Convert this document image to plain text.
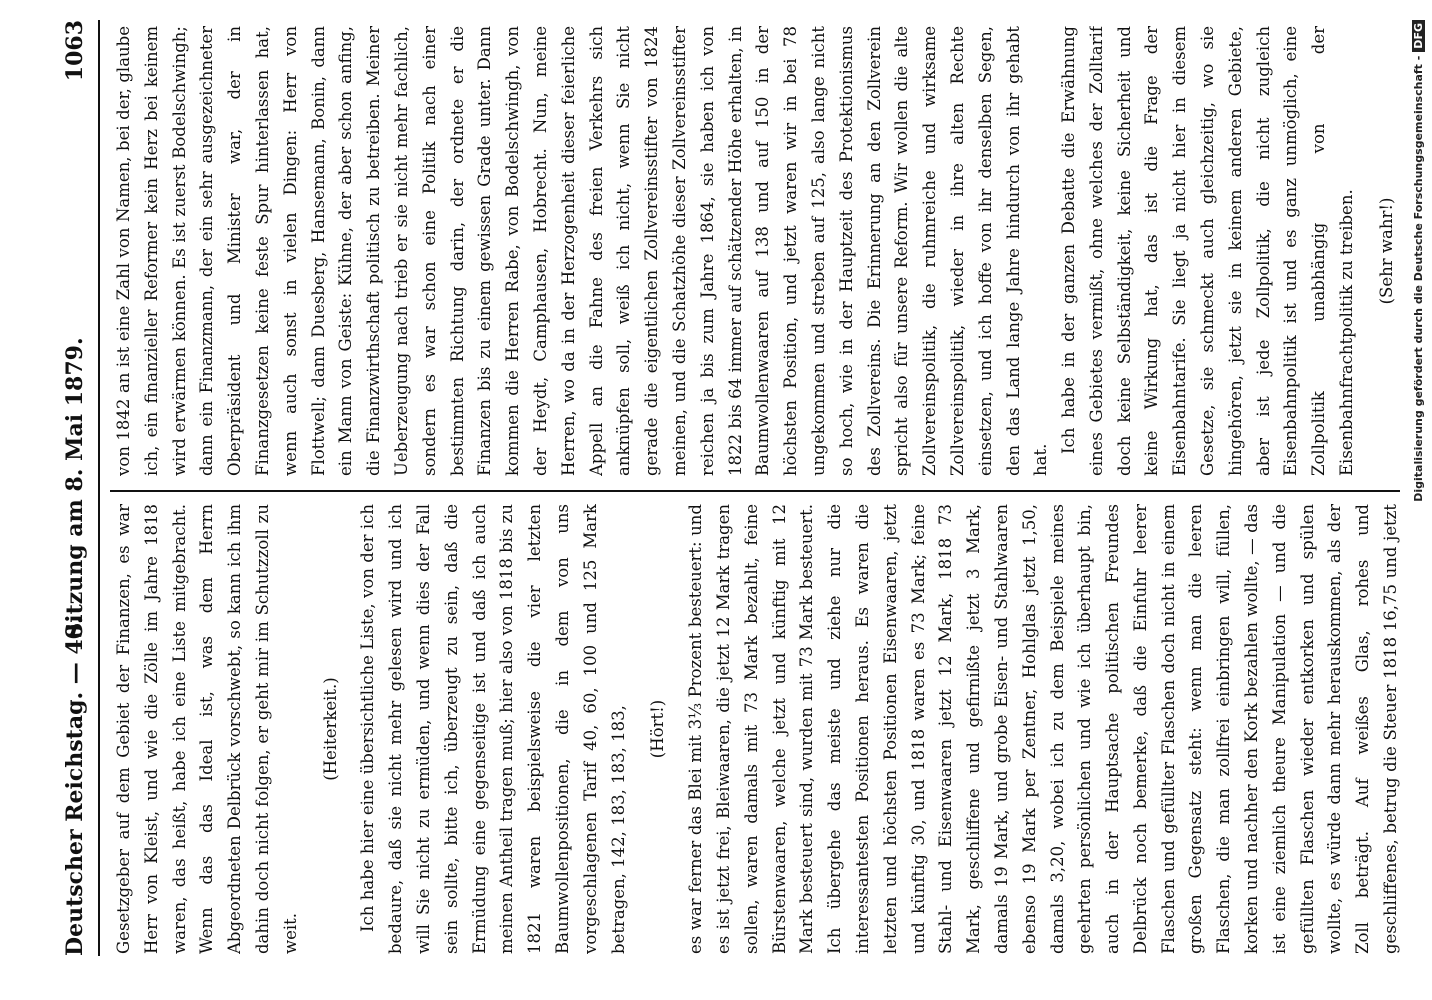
Deutscher Reichstag. — 40.
Sitzung am 8. Mai 1879.
1063

Gesetzgeber auf dem Gebiet der Finanzen, es war Herr von Kleist, und wie die Zölle im Jahre 1818 waren, das heißt, habe ich eine Liste mitgebracht. Wenn das das Ideal ist, was dem Herrn Abgeordneten Delbrück vorschwebt, so kann ich ihm dahin doch nicht folgen, er geht mir im Schutzzoll zu weit.

(Heiterkeit.) Ich habe hier eine übersichtliche Liste, von der ich bedaure, daß sie nicht mehr gelesen wird und ich will Sie nicht zu ermüden, und wenn dies der Fall sein sollte, bitte ich, überzeugt zu sein, daß die Ermüdung eine gegenseitige ist und daß ich auch meinen Antheil tragen muß; hier also von 1818 bis zu 1821 waren beispielsweise die vier letzten Baumwollenpositionen, die in dem von uns vorgeschlagenen Tarif 40, 60, 100 und 125 Mark betragen, 142, 183, 183, 183, (Hört!)

es war ferner das Blei mit 3⅓ Prozent besteuert: und es ist jetzt frei, Bleiwaaren, die jetzt 12 Mark tragen sollen, waren damals mit 73 Mark bezahlt, feine Bürstenwaaren, welche jetzt und künftig mit 12 Mark besteuert sind, wurden mit 73 Mark besteuert. Ich übergehe das meiste und ziehe nur die interessantesten Positionen heraus. Es waren die letzten und höchsten Positionen Eisenwaaren, jetzt und künftig 30, und 1818 waren es 73 Mark; feine Stahl- und Eisenwaaren jetzt 12 Mark, 1818 73 Mark, geschliffene und gefirnißte jetzt 3 Mark, damals 19 Mark, und grobe Eisen- und Stahlwaaren ebenso 19 Mark per Zentner, Hohlglas jetzt 1,50, damals 3,20, wobei ich zu dem Beispiele meines geehrten persönlichen und wie ich überhaupt bin, auch in der Hauptsache politischen Freundes Delbrück noch bemerke, daß die Einfuhr leerer Flaschen und gefüllter Flaschen doch nicht in einem großen Gegensatz steht: wenn man die leeren Flaschen, die man zollfrei einbringen will, füllen, korken und nachher den Kork bezahlen wollte, — das ist eine ziemlich theure Manipulation — und die gefüllten Flaschen wieder entkorken und spülen wollte, es würde dann mehr herauskommen, als der Zoll beträgt. Auf weißes Glas, rohes und geschliffenes, betrug die Steuer 1818 16,75 und jetzt

von 1842 an ist eine Zahl von Namen, bei der, glaube ich, ein finanzieller Reformer kein Herz bei keinem wird erwärmen können. Es ist zuerst Bodelschwingh; dann ein Finanzmann, der ein sehr ausgezeichneter Oberpräsident und Minister war, der in Finanzgesetzen keine feste Spur hinterlassen hat, wenn auch sonst in vielen Dingen: Herr von Flottwell; dann Duesberg, Hansemann, Bonin, dann ein Mann von Geiste: Kühne, der aber schon anfing, die Finanzwirthschaft politisch zu betreiben. Meiner Ueberzeugung nach trieb er sie nicht mehr fachlich, sondern es war schon eine Politik nach einer bestimmten Richtung darin, der ordnete er die Finanzen bis zu einem gewissen Grade unter. Dann kommen die Herren Rabe, von Bodelschwingh, von der Heydt, Camphausen, Hobrecht. Nun, meine Herren, wo da in der Herzogenheit dieser feierliche Appell an die Fahne des freien Verkehrs sich anknüpfen soll, weiß ich nicht, wenn Sie nicht gerade die eigentlichen Zollvereinsstifter von 1824 meinen, und die Schatzhöhe dieser Zollvereinsstifter reichen ja bis zum Jahre 1864, sie haben ich von 1822 bis 64 immer auf schätzender Höhe erhalten, in Baumwollenwaaren auf 138 und auf 150 in der höchsten Position, und jetzt waren wir in bei 78 ungekommen und streben auf 125, also lange nicht so hoch, wie in der Hauptzeit des Protektionismus des Zollvereins. Die Erinnerung an den Zollverein spricht also für unsere Reform. Wir wollen die alte Zollvereinspolitik, die ruhmreiche und wirksame Zollvereinspolitik, wieder in ihre alten Rechte einsetzen, und ich hoffe von ihr denselben Segen, den das Land lange Jahre hindurch von ihr gehabt hat.

Ich habe in der ganzen Debatte die Erwähnung eines Gebietes vermißt, ohne welches der Zolltarif doch keine Selbständigkeit, keine Sicherheit und keine Wirkung hat, das ist die Frage der Eisenbahntarife. Sie liegt ja nicht hier in diesem Gesetze, sie schmeckt auch gleichzeitig, wo sie hingehören, jetzt sie in keinem anderen Gebiete, aber ist jede Zollpolitik, die nicht zugleich Eisenbahnpolitik ist und es ganz unmöglich, eine Zollpolitik unabhängig von der Eisenbahnfrachtpolitik zu treiben. (Sehr wahr!)	Digitalisierung gefördert durch die Deutsche Forschungsgemeinschaft -DFG
